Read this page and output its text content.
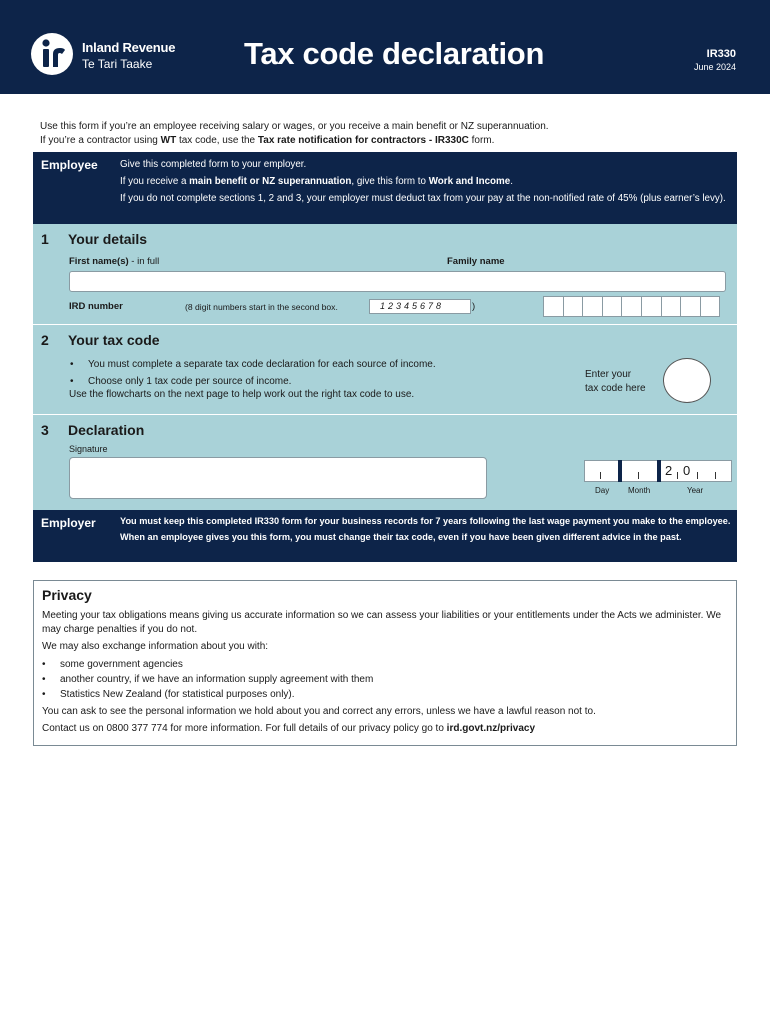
Inland Revenue
Te Tari Taake	Tax code declaration	IR330
June 2024
Use this form if you’re an employee receiving salary or wages, or you receive a main benefit or NZ superannuation.
If you’re a contractor using WT tax code, use the Tax rate notification for contractors - IR330C form.
Employee Give this completed form to your employer.

If you receive a main benefit or NZ superannuation, give this form to Work and Income.

If you do not complete sections 1, 2 and 3, your employer must deduct tax from your pay at the non-notified rate of 45% (plus earner’s levy).

1 Your details
First name(s) - in full	Family name
IRD number	(8 digit numbers start in the second box.	12345678	)
2 Your tax code
• You must complete a separate tax code declaration for each source of income.
• Choose only 1 tax code per source of income.
Use the flowcharts on the next page to help work out the right tax code to use.
Enter your
tax code here
3 Declaration
Signature
2 0
Day Month	Year
Employer	You must keep this completed IR330 form for your business records for 7 years following the last wage payment you make to the employee.

When an employee gives you this form, you must change their tax code, even if you have been given different advice in the past.

Privacy

Meeting your tax obligations means giving us accurate information so we can assess your liabilities or your entitlements under the Acts we administer. We may charge penalties if you do not.

We may also exchange information about you with:

• some government agencies
• another country, if we have an information supply agreement with them
• Statistics New Zealand (for statistical purposes only).

You can ask to see the personal information we hold about you and correct any errors, unless we have a lawful reason not to.

Contact us on 0800 377 774 for more information. For full details of our privacy policy go to ird.govt.nz/privacy
